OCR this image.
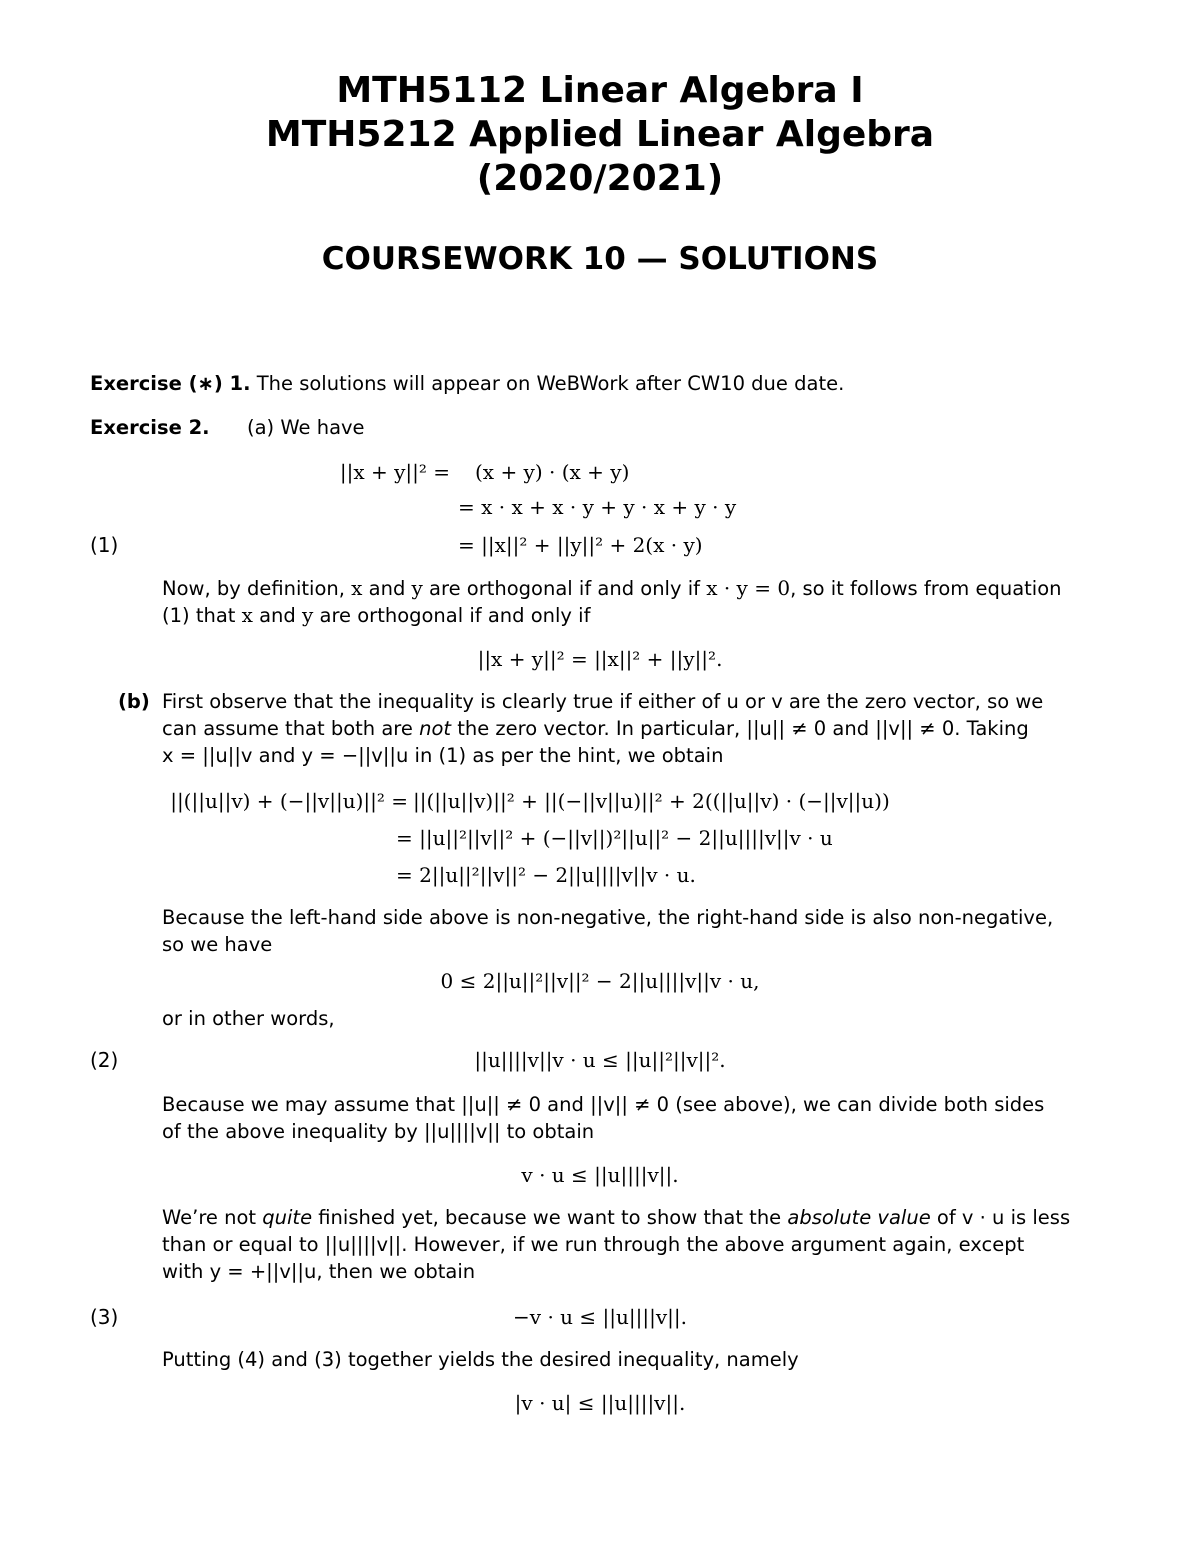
MTH5112 Linear Algebra I
MTH5212 Applied Linear Algebra
(2020/2021)
COURSEWORK 10 — SOLUTIONS
Exercise (∗) 1. The solutions will appear on WeBWork after CW10 due date.
Exercise 2. (a) We have
||x + y||² = (x + y) · (x + y)
= x · x + x · y + y · x + y · y
= ||x||² + ||y||² + 2(x · y)
(1)
Now, by definition, x and y are orthogonal if and only if x · y = 0, so it follows from equation
(1) that x and y are orthogonal if and only if
||x + y||² = ||x||² + ||y||².
(b) First observe that the inequality is clearly true if either of u or v are the zero vector, so we
can assume that both are not the zero vector. In particular, ||u|| ≠ 0 and ||v|| ≠ 0. Taking
x = ||u||v and y = −||v||u in (1) as per the hint, we obtain
||(||u||v) + (−||v||u)||² = ||(||u||v)||² + ||(−||v||u)||² + 2((||u||v) · (−||v||u))
= ||u||²||v||² + (−||v||)²||u||² − 2||u||||v||v · u
= 2||u||²||v||² − 2||u||||v||v · u.
Because the left-hand side above is non-negative, the right-hand side is also non-negative,
so we have
0 ≤ 2||u||²||v||² − 2||u||||v||v · u,
or in other words,
||u||||v||v · u ≤ ||u||²||v||².
(2)
Because we may assume that ||u|| ≠ 0 and ||v|| ≠ 0 (see above), we can divide both sides
of the above inequality by ||u||||v|| to obtain
v · u ≤ ||u||||v||.
We’re not quite finished yet, because we want to show that the absolute value of v · u is less
than or equal to ||u||||v||. However, if we run through the above argument again, except
with y = +||v||u, then we obtain
−v · u ≤ ||u||||v||.
(3)
Putting (4) and (3) together yields the desired inequality, namely
|v · u| ≤ ||u||||v||.
